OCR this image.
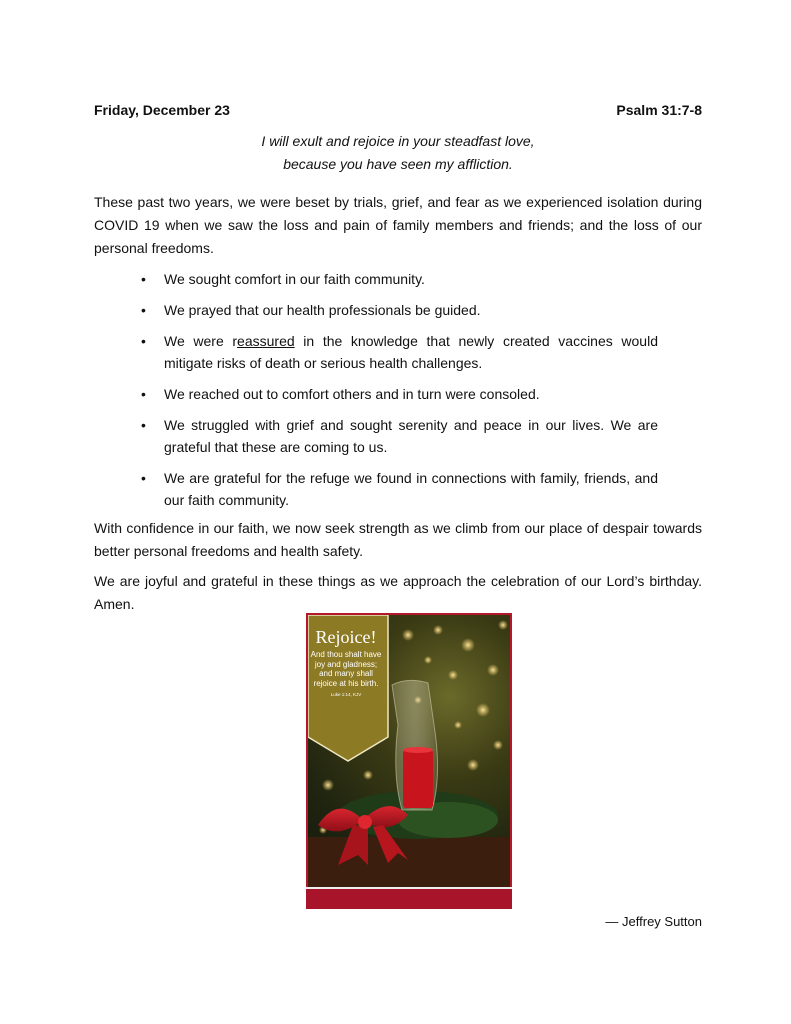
Friday, December 23	Psalm 31:7-8
I will exult and rejoice in your steadfast love,
because you have seen my affliction.

These past two years, we were beset by trials, grief, and fear as we experienced isolation during COVID 19 when we saw the loss and pain of family members and friends; and the loss of our personal freedoms.

• We sought comfort in our faith community.
• We prayed that our health professionals be guided.
• We were reassured in the knowledge that newly created vaccines would mitigate risks of death or serious health challenges.
• We reached out to comfort others and in turn were consoled.
• We struggled with grief and sought serenity and peace in our lives. We are grateful that these are coming to us.
• We are grateful for the refuge we found in connections with family, friends, and our faith community.

With confidence in our faith, we now seek strength as we climb from our place of despair towards better personal freedoms and health safety.

We are joyful and grateful in these things as we approach the celebration of our Lord’s birthday. Amen.

— Jeffrey Sutton
Rejoice!
And thou shalt have joy and gladness; and many shall rejoice at his birth.
Luke 1:14, KJV
